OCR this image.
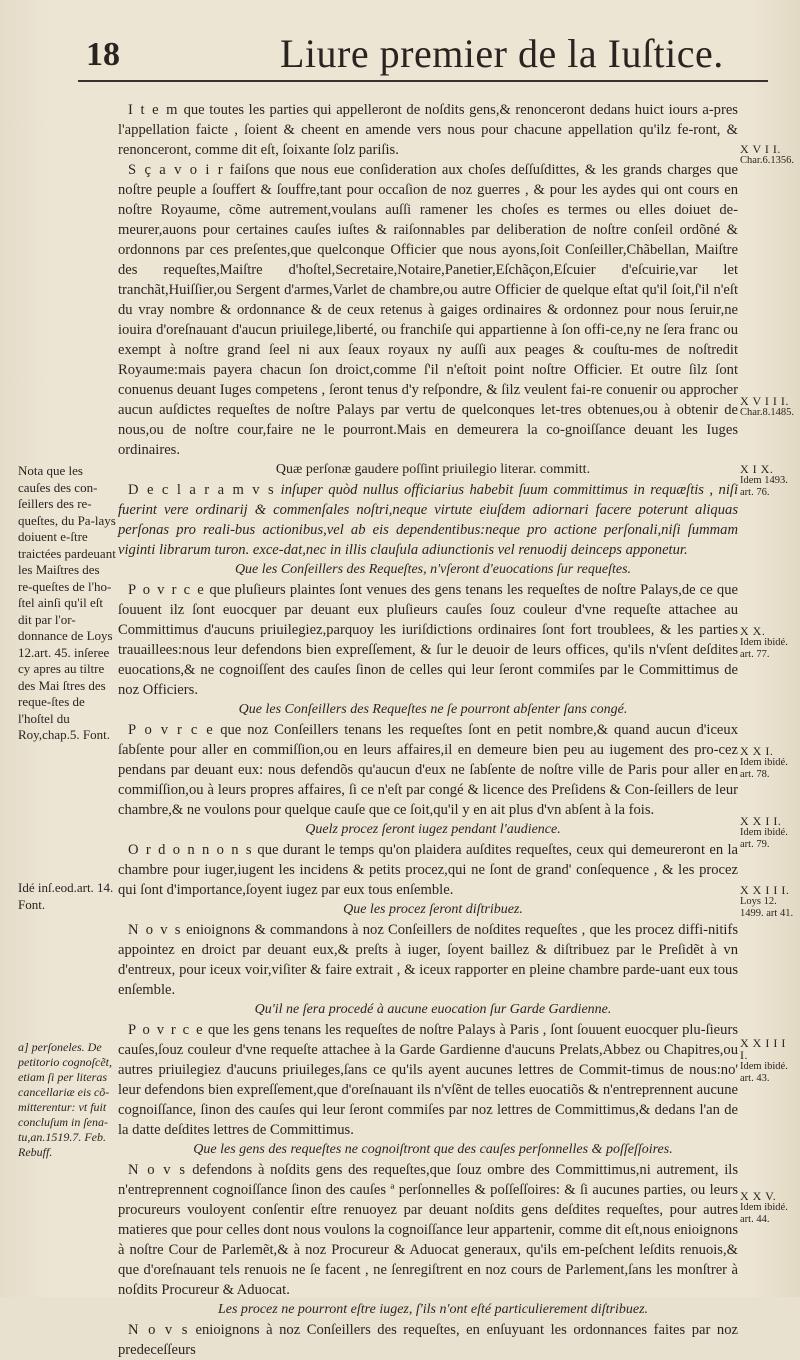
18	Liure premier de la Iuſtice.

I t e m que toutes les parties qui appelleront de noſdits gens,& renonceront dedans huict iours a-pres l'appellation faicte , ſoient & cheent en amende vers nous pour chacune appellation qu'ilz fe-ront, & renonceront, comme dit eſt, ſoixante ſolz pariſis.

S ç a v o i r faiſons que nous eue conſideration aux choſes deſſuſdittes, & les grands charges que noſtre peuple a ſouffert & ſouffre,tant pour occaſion de noz guerres , & pour les aydes qui ont cours en noſtre Royaume, cõme autrement,voulans auſſi ramener les choſes es termes ou elles doiuet de-meurer,auons pour certaines cauſes iuſtes & raiſonnables par deliberation de noſtre conſeil ordõné & ordonnons par ces preſentes,que quelconque Officier que nous ayons,ſoit Conſeiller,Chãbellan, Maiſtre des requeſtes,Maiſtre d'hoſtel,Secretaire,Notaire,Panetier,Eſchãçon,Eſcuier d'eſcuirie,var let tranchãt,Huiſſier,ou Sergent d'armes,Varlet de chambre,ou autre Officier de quelque eſtat qu'il ſoit,ſ'il n'eſt du vray nombre & ordonnance & de ceux retenus à gaiges ordinaires & ordonnez pour nous ſeruir,ne iouira d'oreſnauant d'aucun priuilege,liberté, ou franchiſe qui appartienne à ſon offi-ce,ny ne ſera franc ou exempt à noſtre grand ſeel ni aux ſeaux royaux ny auſſi aux peages & couſtu-mes de noſtredit Royaume:mais payera chacun ſon droict,comme ſ'il n'eſtoit point noſtre Officier. Et outre ſilz ſont conuenus deuant Iuges competens , ſeront tenus d'y reſpondre, & ſilz veulent fai-re conuenir ou approcher aucun auſdictes requeſtes de noſtre Palays par vertu de quelconques let-tres obtenues,ou à obtenir de nous,ou de noſtre cour,faire ne le pourront.Mais en demeurera la co-gnoiſſance deuant les Iuges ordinaires.

Quæ perſonæ gaudere poſſint priuilegio literar. committ.

D e c l a r a m v s inſuper quòd nullus officiarius habebit ſuum committimus in requæſtis , niſi fuerint vere ordinarij & commenſales noſtri,neque virtute eiuſdem adiornari facere poterunt aliquas perſonas pro reali-bus actionibus,vel ab eis dependentibus:neque pro actione perſonali,niſi ſummam viginti librarum turon. exce-dat,nec in illis clauſula adiunctionis vel renuodij deinceps apponetur.

Que les Conſeillers des Requeſtes, n'vſeront d'euocations ſur requeſtes.

P o v r c e que pluſieurs plaintes ſont venues des gens tenans les requeſtes de noſtre Palays,de ce que ſouuent ilz ſont euocquer par deuant eux pluſieurs cauſes ſouz couleur d'vne requeſte attachee au Committimus d'aucuns priuilegiez,parquoy les iuriſdictions ordinaires ſont fort troublees, & les parties trauaillees:nous leur defendons bien expreſſement, & ſur le deuoir de leurs offices, qu'ils n'vſent deſdites euocations,& ne cognoiſſent des cauſes ſinon de celles qui leur ſeront commiſes par le Committimus de noz Officiers.

Que les Conſeillers des Requeſtes ne ſe pourront abſenter ſans congé.

P o v r c e que noz Conſeillers tenans les requeſtes ſont en petit nombre,& quand aucun d'iceux ſabſente pour aller en commiſſion,ou en leurs affaires,il en demeure bien peu au iugement des pro-cez pendans par deuant eux: nous defendõs qu'aucun d'eux ne ſabſente de noſtre ville de Paris pour aller en commiſſion,ou à leurs propres affaires, ſi ce n'eſt par congé & licence des Preſidens & Con-ſeillers de leur chambre,& ne voulons pour quelque cauſe que ce ſoit,qu'il y en ait plus d'vn abſent à la fois.

Quelz procez ſeront iugez pendant l'audience.

O r d o n n o n s que durant le temps qu'on plaidera auſdites requeſtes, ceux qui demeureront en la chambre pour iuger,iugent les incidens & petits procez,qui ne ſont de grand' conſequence , & les procez qui ſont d'importance,ſoyent iugez par eux tous enſemble.

Que les procez ſeront diſtribuez.

N o v s enioignons & commandons à noz Conſeillers de noſdites requeſtes , que les procez diffi-nitifs appointez en droict par deuant eux,& preſts à iuger, ſoyent baillez & diſtribuez par le Preſidẽt à vn d'entreux, pour iceux voir,viſiter & faire extrait , & iceux rapporter en pleine chambre parde-uant eux tous enſemble.

Qu'il ne ſera procedé à aucune euocation ſur Garde Gardienne.

P o v r c e que les gens tenans les requeſtes de noſtre Palays à Paris , ſont ſouuent euocquer plu-ſieurs cauſes,ſouz couleur d'vne requeſte attachee à la Garde Gardienne d'aucuns Prelats,Abbez ou Chapitres,ou autres priuilegiez d'aucuns priuileges,ſans ce qu'ils ayent aucunes lettres de Commit-timus de nous:no' leur defendons bien expreſſement,que d'oreſnauant ils n'vſẽnt de telles euocatiõs & n'entreprennent aucune cognoiſſance, ſinon des cauſes qui leur ſeront commiſes par noz lettres de Committimus,& dedans l'an de la datte deſdites lettres de Committimus.

Que les gens des requeſtes ne cognoiſtront que des cauſes perſonnelles & poſſeſſoires.

N o v s defendons à noſdits gens des requeſtes,que ſouz ombre des Committimus,ni autrement, ils n'entreprennent cognoiſſance ſinon des cauſes ª perſonnelles & poſſeſſoires: & ſi aucunes parties, ou leurs procureurs vouloyent conſentir eſtre renuoyez par deuant noſdits gens deſdites requeſtes, pour autres matieres que pour celles dont nous voulons la cognoiſſance leur appartenir, comme dit eſt,nous enioignons à noſtre Cour de Parlemẽt,& à noz Procureur & Aduocat generaux, qu'ils em-peſchent leſdits renuois,& que d'oreſnauant tels renuois ne ſe facent , ne ſenregiſtrent en noz cours de Parlement,ſans les monſtrer à noſdits Procureur & Aduocat.

Les procez ne pourront eſtre iugez, ſ'ils n'ont eſté particulierement diſtribuez.

N o v s enioignons à noz Conſeillers des requeſtes, en enſuyuant les ordonnances faites par noz predeceſſeurs

Nota que les cauſes des con-ſeillers des re-queſtes, du Pa-lays doiuent e-ſtre traictées pardeuant les Maiſtres des re-queſtes de l'ho-ſtel ainſi qu'il eſt dit par l'or-donnance de Loys 12.art. 45. inſeree cy apres au tiltre des Mai ſtres des reque-ſtes de l'hoſtel du Roy,chap.5. Font.
Idé inſ.eod.art. 14. Font.
a] perſoneles. De petitorio cognoſcẽt, etiam ſi per literas cancellariæ eis cõ-mitterentur: vt fuit concluſum in ſena-tu,an.1519.7. Feb. Rebuff.
X V I I.
Char.6.1356.
X V I I I.
Char.8.1485.
X I X.
Idem 1493. art. 76.
X X.
Idem ibidé. art. 77.
X X I.
Idem ibidé. art. 78.
X X I I.
Idem ibidé. art. 79.
X X I I I.
Loys 12. 1499. art 41.
X X I I I I.
Idem ibidé. art. 43.
X X V.
Idem ibidé. art. 44.
